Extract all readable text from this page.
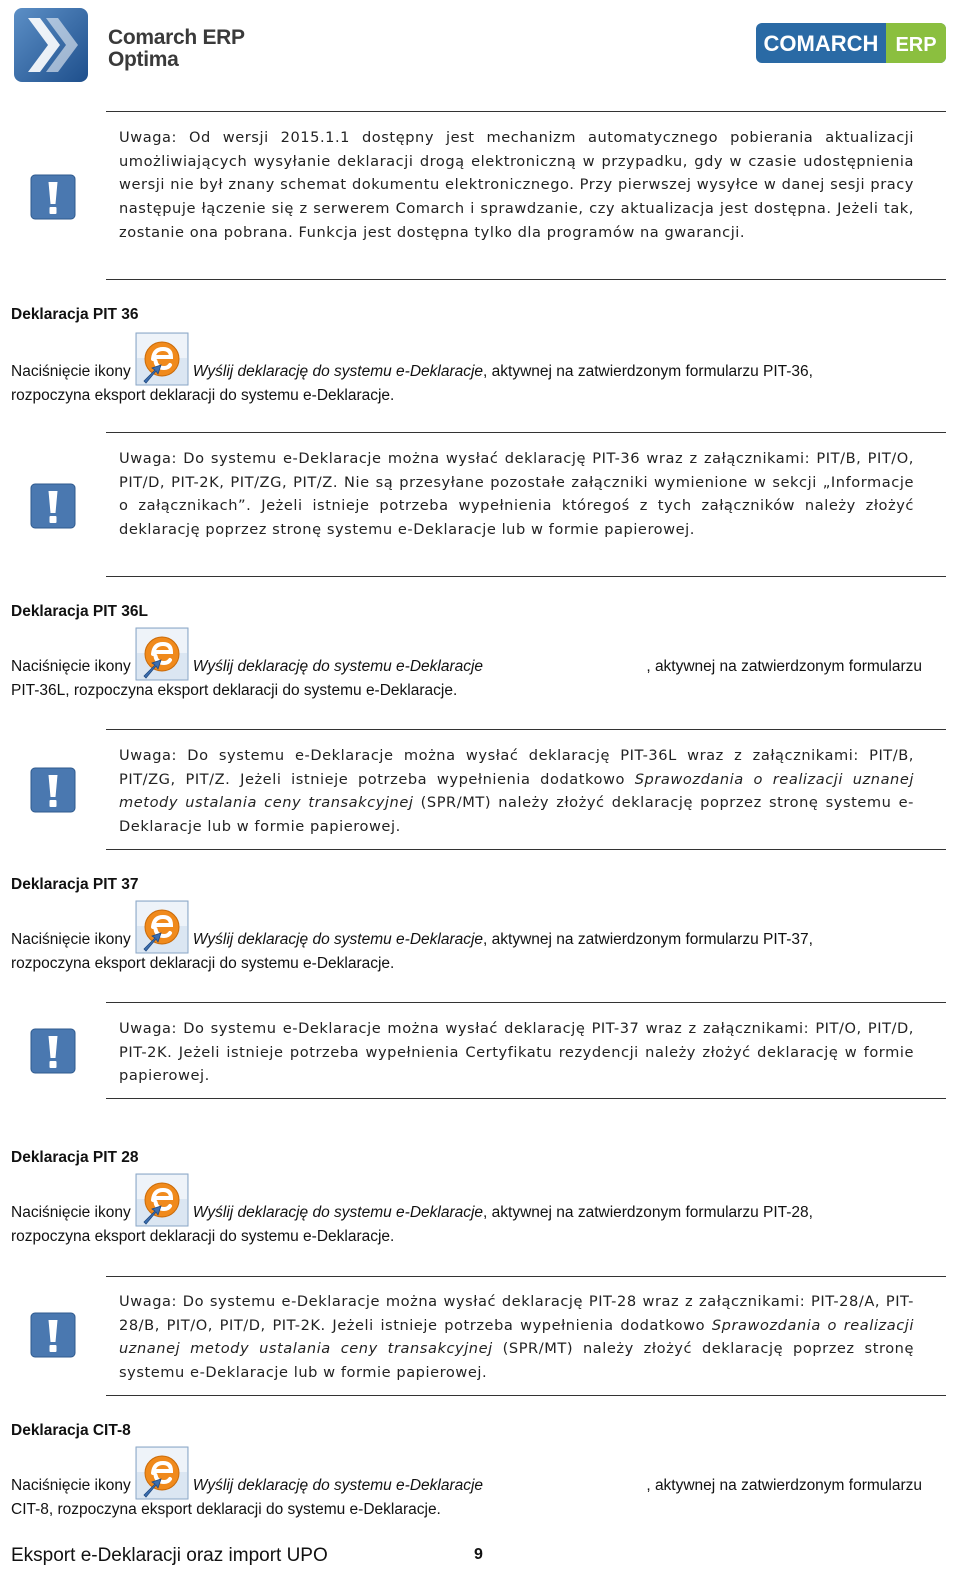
Comarch ERP
Optima
COMARCH ERP
Uwaga: Od wersji 2015.1.1 dostępny jest mechanizm automatycznego pobierania aktualizacji umożliwiających wysyłanie deklaracji drogą elektroniczną w przypadku, gdy w czasie udostępnienia wersji nie był znany schemat dokumentu elektronicznego. Przy pierwszej wysyłce w danej sesji pracy następuje łączenie się z serwerem Comarch i sprawdzanie, czy aktualizacja jest dostępna. Jeżeli tak, zostanie ona pobrana. Funkcja jest dostępna tylko dla programów na gwarancji.
Deklaracja PIT 36
Naciśnięcie ikony	Wyślij deklarację do systemu e-Deklaracje, aktywnej na zatwierdzonym formularzu PIT-36,
rozpoczyna eksport deklaracji do systemu e-Deklaracje.
Uwaga: Do systemu e-Deklaracje można wysłać deklarację PIT-36 wraz z załącznikami: PIT/B, PIT/O, PIT/D, PIT-2K, PIT/ZG, PIT/Z. Nie są przesyłane pozostałe załączniki wymienione w sekcji „Informacje o załącznikach”. Jeżeli istnieje potrzeba wypełnienia któregoś z tych załączników należy złożyć deklarację poprzez stronę systemu e-Deklaracje lub w formie papierowej.
Deklaracja PIT 36L
Naciśnięcie ikony	Wyślij deklarację do systemu e-Deklaracje	, aktywnej na zatwierdzonym formularzu
PIT-36L, rozpoczyna eksport deklaracji do systemu e-Deklaracje.
Uwaga: Do systemu e-Deklaracje można wysłać deklarację PIT-36L wraz z załącznikami: PIT/B, PIT/ZG, PIT/Z. Jeżeli istnieje potrzeba wypełnienia dodatkowo Sprawozdania o realizacji uznanej metody ustalania ceny transakcyjnej (SPR/MT) należy złożyć deklarację poprzez stronę systemu e-Deklaracje lub w formie papierowej.
Deklaracja PIT 37
Naciśnięcie ikony	Wyślij deklarację do systemu e-Deklaracje, aktywnej na zatwierdzonym formularzu PIT-37,
rozpoczyna eksport deklaracji do systemu e-Deklaracje.
Uwaga: Do systemu e-Deklaracje można wysłać deklarację PIT-37 wraz z załącznikami: PIT/O, PIT/D, PIT-2K. Jeżeli istnieje potrzeba wypełnienia Certyfikatu rezydencji należy złożyć deklarację w formie papierowej.
Deklaracja PIT 28
Naciśnięcie ikony	Wyślij deklarację do systemu e-Deklaracje, aktywnej na zatwierdzonym formularzu PIT-28,
rozpoczyna eksport deklaracji do systemu e-Deklaracje.
Uwaga: Do systemu e-Deklaracje można wysłać deklarację PIT-28 wraz z załącznikami: PIT-28/A, PIT-28/B, PIT/O, PIT/D, PIT-2K. Jeżeli istnieje potrzeba wypełnienia dodatkowo Sprawozdania o realizacji uznanej metody ustalania ceny transakcyjnej (SPR/MT) należy złożyć deklarację poprzez stronę systemu e-Deklaracje lub w formie papierowej.
Deklaracja CIT-8
Naciśnięcie ikony	Wyślij deklarację do systemu e-Deklaracje	, aktywnej na zatwierdzonym formularzu
CIT-8, rozpoczyna eksport deklaracji do systemu e-Deklaracje.
Eksport e-Deklaracji oraz import UPO	9
